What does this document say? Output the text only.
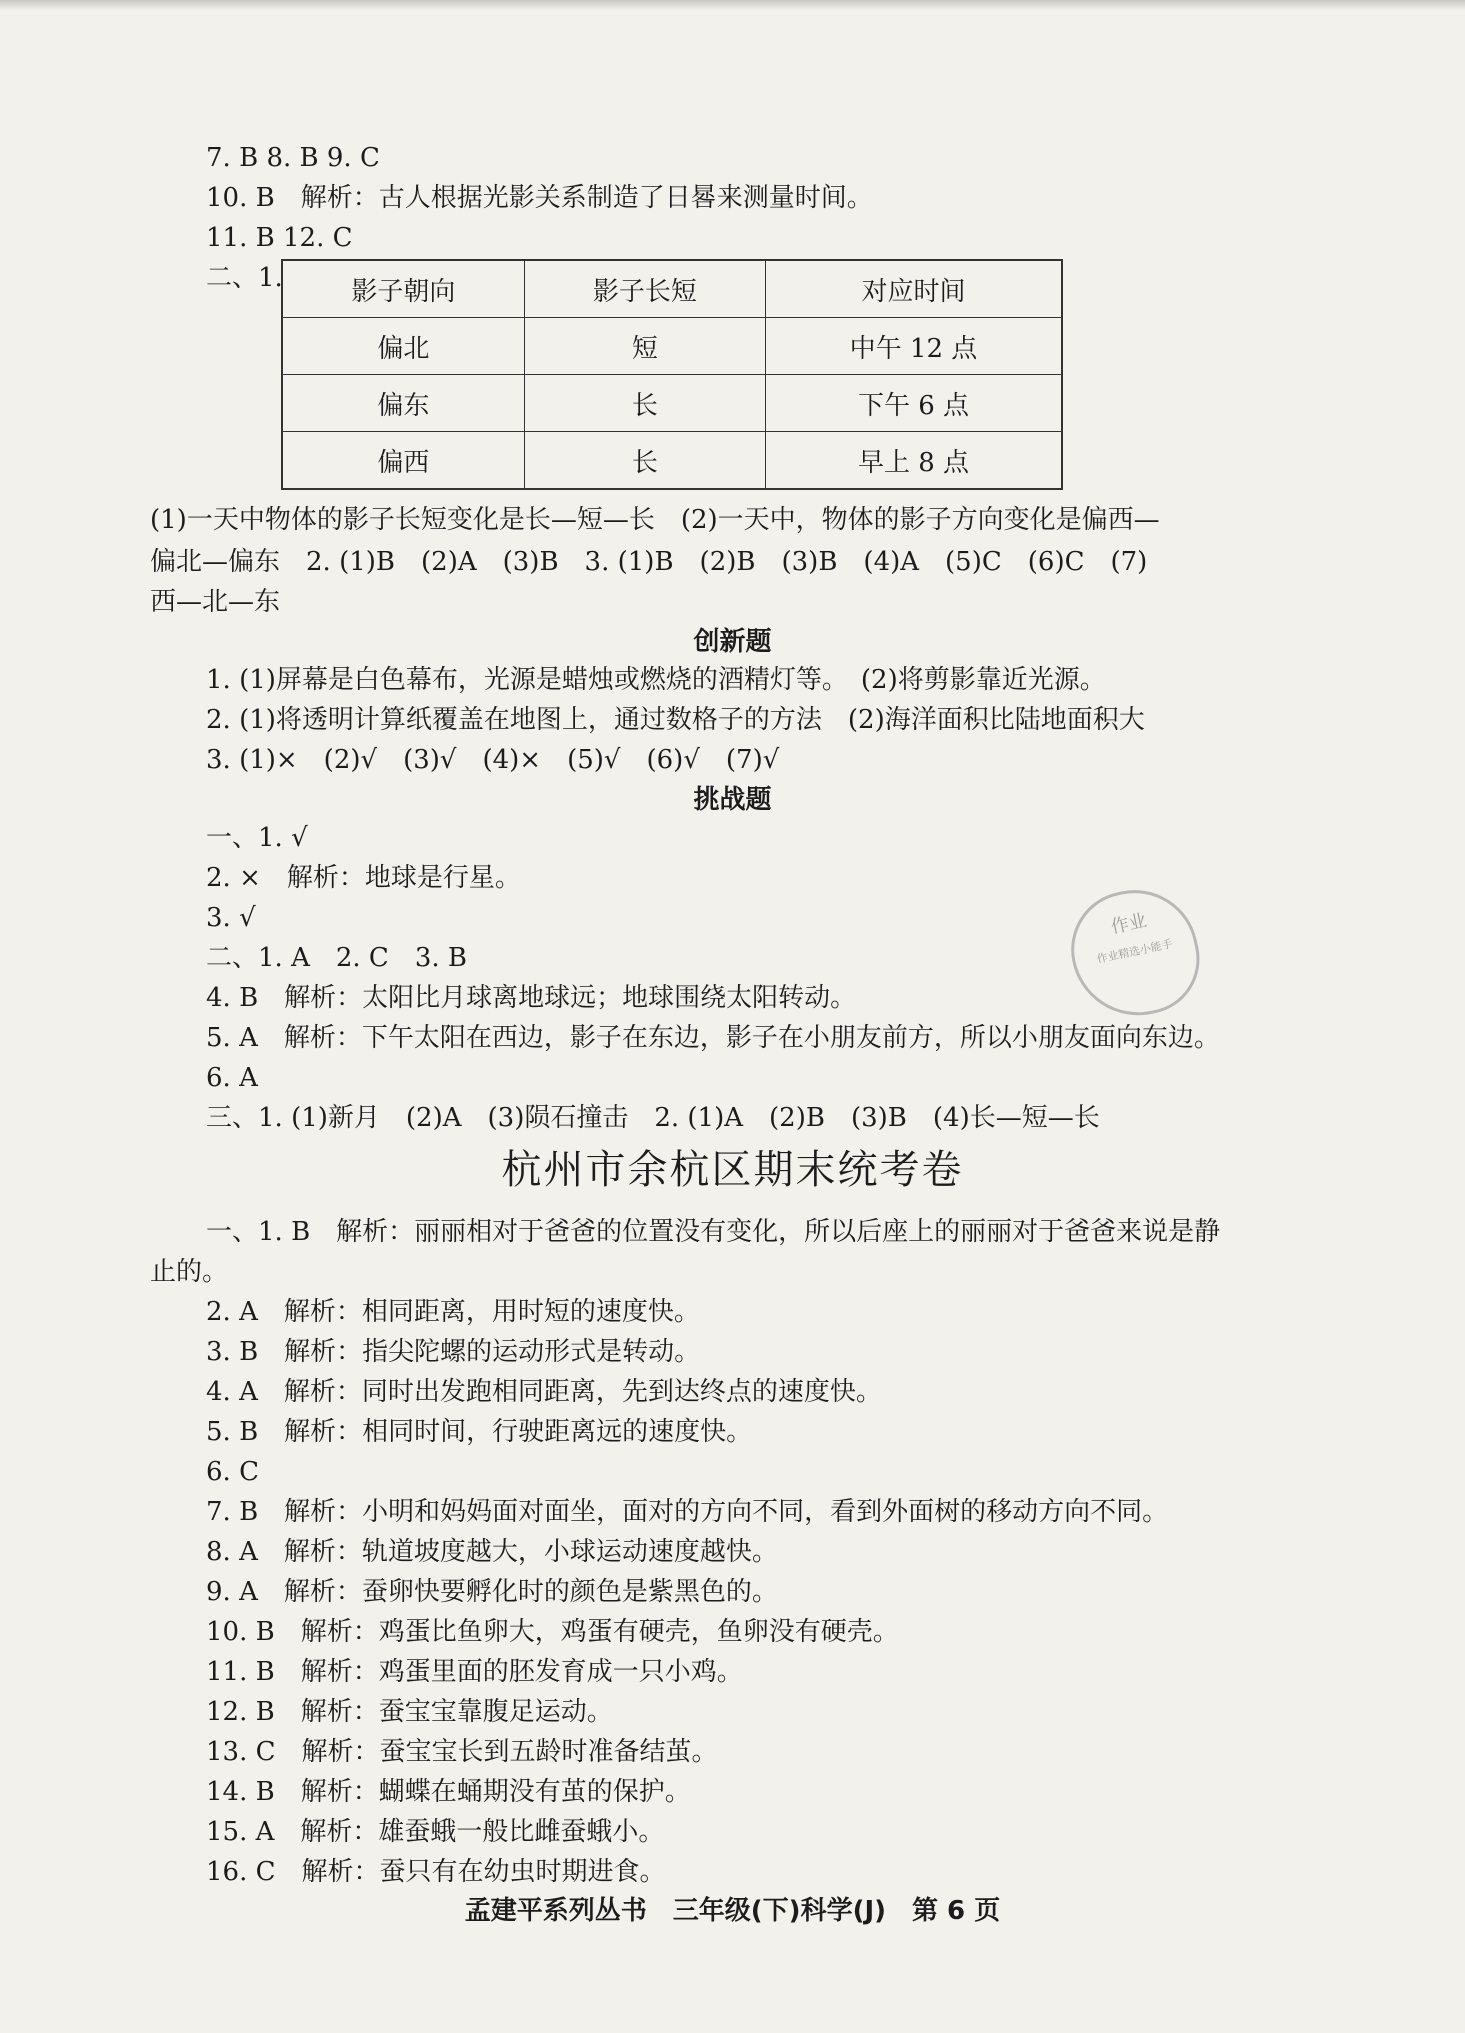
7. B 8. B 9. C
10. B　解析：古人根据光影关系制造了日晷来测量时间。
11. B 12. C
二、1.	影子朝向	影子长短	对应时间
偏北	短	中午 12 点
偏东	长	下午 6 点
偏西	长	早上 8 点
(1)一天中物体的影子长短变化是长—短—长　(2)一天中，物体的影子方向变化是偏西—
偏北—偏东　2. (1)B　(2)A　(3)B　3. (1)B　(2)B　(3)B　(4)A　(5)C　(6)C　(7)
西—北—东
创新题
1. (1)屏幕是白色幕布，光源是蜡烛或燃烧的酒精灯等。　(2)将剪影靠近光源。
2. (1)将透明计算纸覆盖在地图上，通过数格子的方法　(2)海洋面积比陆地面积大
3. (1)×　(2)√　(3)√　(4)×　(5)√　(6)√　(7)√
挑战题
一、1. √
2. ×　解析：地球是行星。
3. √
二、1. A　2. C　3. B
4. B　解析：太阳比月球离地球远；地球围绕太阳转动。
5. A　解析：下午太阳在西边，影子在东边，影子在小朋友前方，所以小朋友面向东边。
6. A
三、1. (1)新月　(2)A　(3)陨石撞击　2. (1)A　(2)B　(3)B　(4)长—短—长
作业
作业精选小能手
杭州市余杭区期末统考卷
一、1. B　解析：丽丽相对于爸爸的位置没有变化，所以后座上的丽丽对于爸爸来说是静
止的。
2. A　解析：相同距离，用时短的速度快。
3. B　解析：指尖陀螺的运动形式是转动。
4. A　解析：同时出发跑相同距离，先到达终点的速度快。
5. B　解析：相同时间，行驶距离远的速度快。
6. C
7. B　解析：小明和妈妈面对面坐，面对的方向不同，看到外面树的移动方向不同。
8. A　解析：轨道坡度越大，小球运动速度越快。
9. A　解析：蚕卵快要孵化时的颜色是紫黑色的。
10. B　解析：鸡蛋比鱼卵大，鸡蛋有硬壳，鱼卵没有硬壳。
11. B　解析：鸡蛋里面的胚发育成一只小鸡。
12. B　解析：蚕宝宝靠腹足运动。
13. C　解析：蚕宝宝长到五龄时准备结茧。
14. B　解析：蝴蝶在蛹期没有茧的保护。
15. A　解析：雄蚕蛾一般比雌蚕蛾小。
16. C　解析：蚕只有在幼虫时期进食。
孟建平系列丛书　三年级(下)科学(J)　第 6 页
